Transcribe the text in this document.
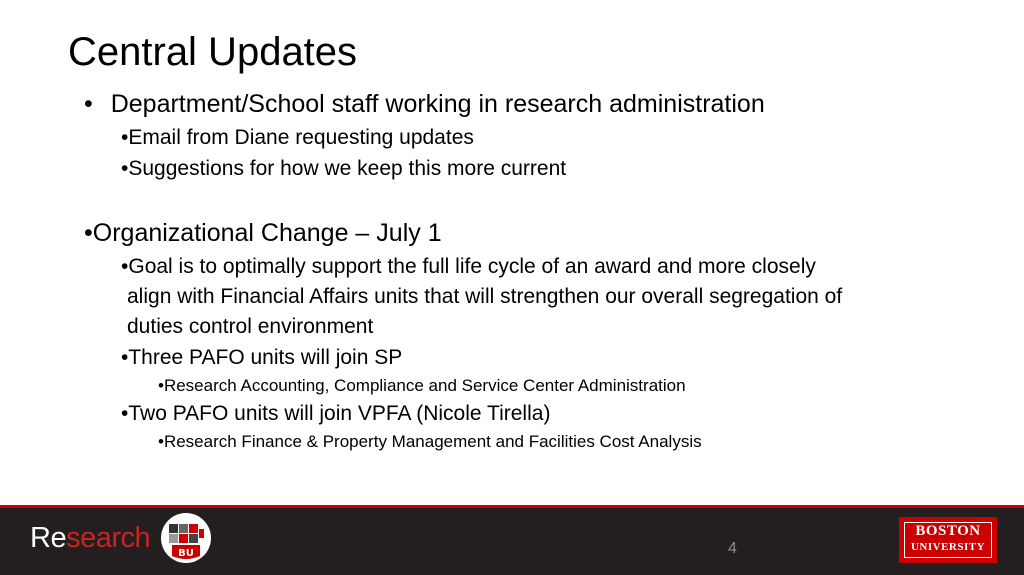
Central Updates
• Department/School staff working in research administration
•Email from Diane requesting updates
•Suggestions for how we keep this more current
•Organizational Change – July 1
•Goal is to optimally support the full life cycle of an award and more closely
align with Financial Affairs units that will strengthen our overall segregation of
duties control environment
•Three PAFO units will join SP
•Research Accounting, Compliance and Service Center Administration
•Two PAFO units will join VPFA (Nicole Tirella)
•Research Finance & Property Management and Facilities Cost Analysis
Research	BU	4
BOSTON
UNIVERSITY
